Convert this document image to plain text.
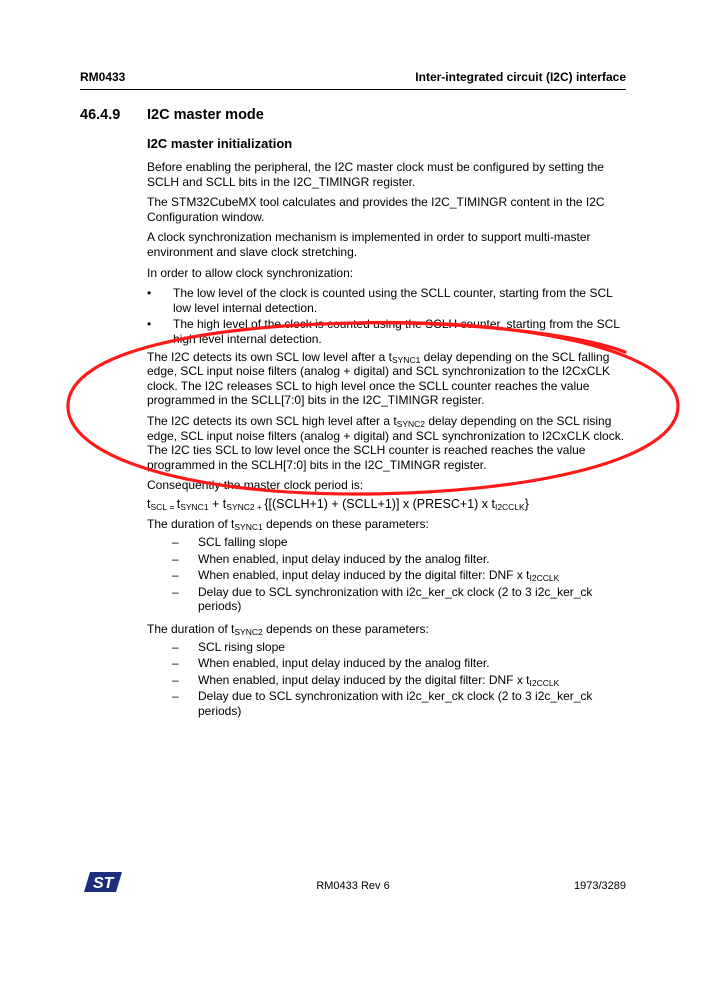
RM0433	Inter-integrated circuit (I2C) interface
46.4.9 I2C master mode
I2C master initialization

Before enabling the peripheral, the I2C master clock must be configured by setting the SCLH and SCLL bits in the I2C_TIMINGR register.

The STM32CubeMX tool calculates and provides the I2C_TIMINGR content in the I2C Configuration window.

A clock synchronization mechanism is implemented in order to support multi-master environment and slave clock stretching.

In order to allow clock synchronization:

• The low level of the clock is counted using the SCLL counter, starting from the SCL low level internal detection.
• The high level of the clock is counted using the SCLH counter, starting from the SCL high level internal detection.

The I2C detects its own SCL low level after a $t_{SYNC1}$ delay depending on the SCL falling edge, SCL input noise filters (analog + digital) and SCL synchronization to the I2CxCLK clock. The I2C releases SCL to high level once the SCLL counter reaches the value programmed in the SCLL[7:0] bits in the I2C_TIMINGR register.

The I2C detects its own SCL high level after a $t_{SYNC2}$ delay depending on the SCL rising edge, SCL input noise filters (analog + digital) and SCL synchronization to I2CxCLK clock. The I2C ties SCL to low level once the SCLH counter is reached reaches the value programmed in the SCLH[7:0] bits in the I2C_TIMINGR register.

Consequently the master clock period is:

$t_{SCL}$ $_=$ $t_{SYNC1} + t_{SYNC2}$ $_+$ {[(SCLH+1) + (SCLL+1)] x (PRESC+1) x $t_{I2CCLK}$}

The duration of $t_{SYNC1}$ depends on these parameters:

– SCL falling slope
– When enabled, input delay induced by the analog filter.
– When enabled, input delay induced by the digital filter: DNF x $t_{I2CCLK}$
– Delay due to SCL synchronization with i2c_ker_ck clock (2 to 3 i2c_ker_ck periods)

The duration of $t_{SYNC2}$ depends on these parameters:

– SCL rising slope
– When enabled, input delay induced by the analog filter.
– When enabled, input delay induced by the digital filter: DNF x $t_{I2CCLK}$
– Delay due to SCL synchronization with i2c_ker_ck clock (2 to 3 i2c_ker_ck periods)
ST	RM0433 Rev 6	1973/3289
